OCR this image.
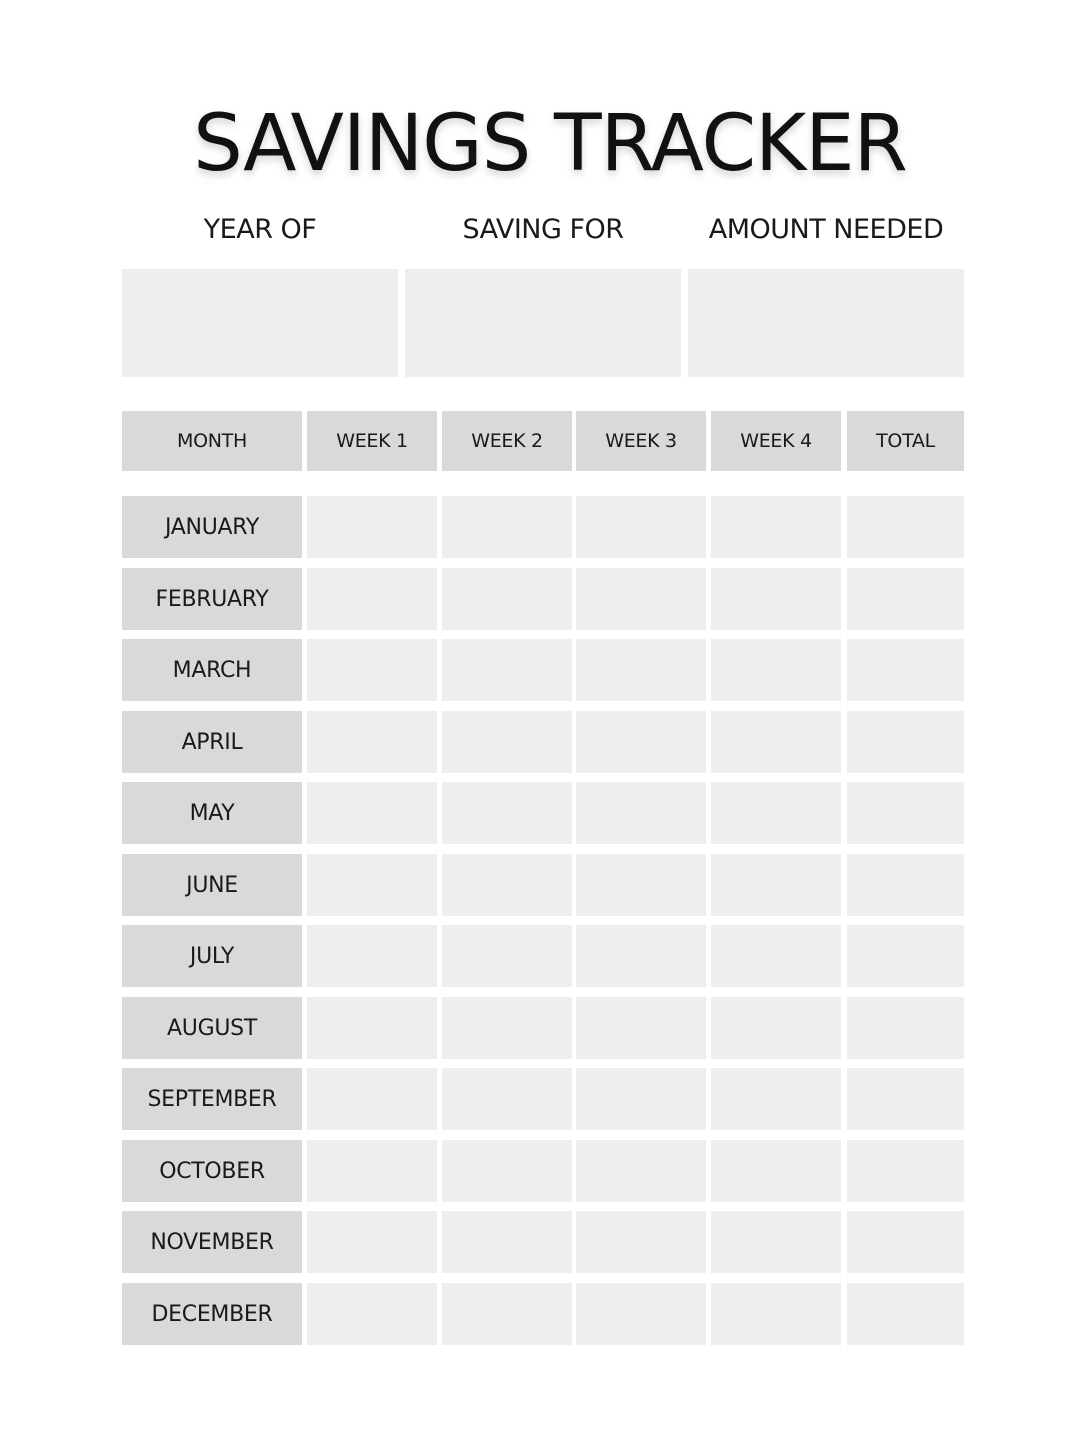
SAVINGS TRACKER
YEAR OF	SAVING FOR	AMOUNT NEEDED
MONTH	WEEK 1	WEEK 2	WEEK 3	WEEK 4	TOTAL
JANUARY
FEBRUARY
MARCH
APRIL
MAY
JUNE
JULY
AUGUST
SEPTEMBER
OCTOBER
NOVEMBER
DECEMBER
